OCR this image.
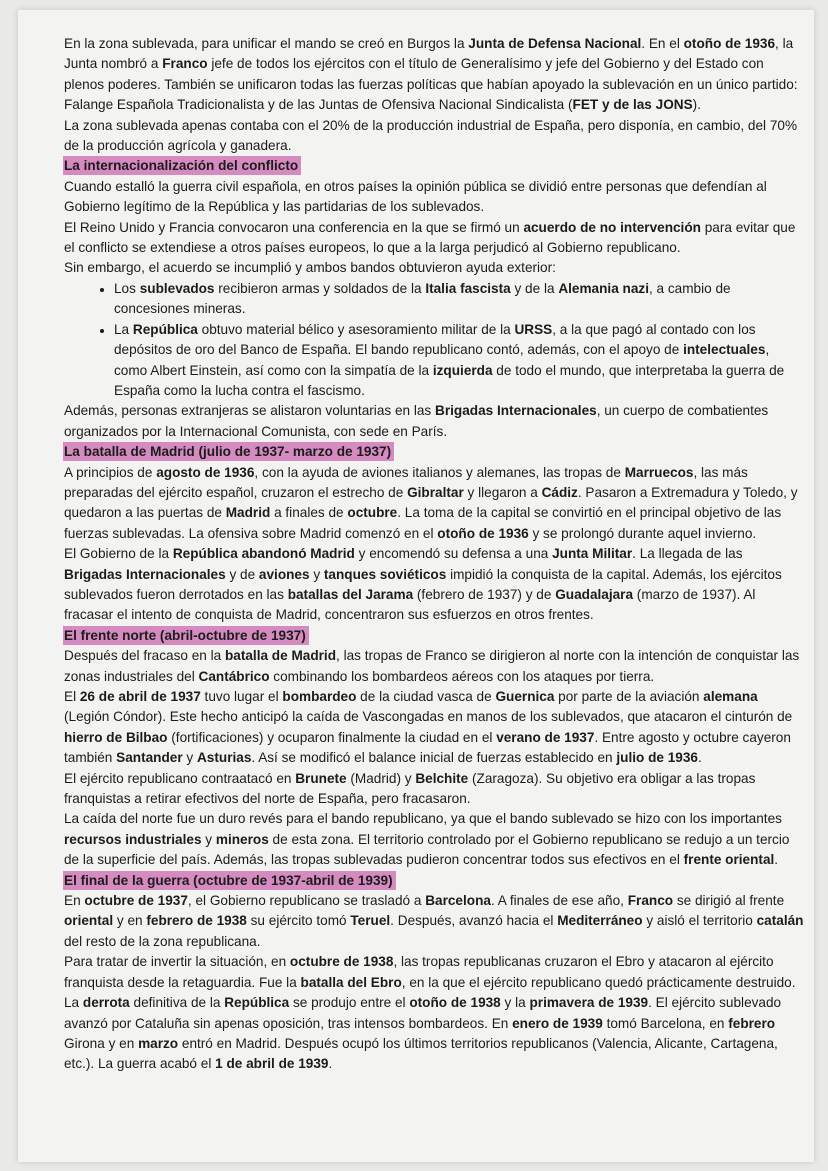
En la zona sublevada, para unificar el mando se creó en Burgos la Junta de Defensa Nacional. En el otoño de 1936, la Junta nombró a Franco jefe de todos los ejércitos con el título de Generalísimo y jefe del Gobierno y del Estado con plenos poderes. También se unificaron todas las fuerzas políticas que habían apoyado la sublevación en un único partido: Falange Española Tradicionalista y de las Juntas de Ofensiva Nacional Sindicalista (FET y de las JONS).

La zona sublevada apenas contaba con el 20% de la producción industrial de España, pero disponía, en cambio, del 70% de la producción agrícola y ganadera.

La internacionalización del conflicto

Cuando estalló la guerra civil española, en otros países la opinión pública se dividió entre personas que defendían al Gobierno legítimo de la República y las partidarias de los sublevados.

El Reino Unido y Francia convocaron una conferencia en la que se firmó un acuerdo de no intervención para evitar que el conflicto se extendiese a otros países europeos, lo que a la larga perjudicó al Gobierno republicano.

Sin embargo, el acuerdo se incumplió y ambos bandos obtuvieron ayuda exterior:

• Los sublevados recibieron armas y soldados de la Italia fascista y de la Alemania nazi, a cambio de concesiones mineras.
• La República obtuvo material bélico y asesoramiento militar de la URSS, a la que pagó al contado con los depósitos de oro del Banco de España. El bando republicano contó, además, con el apoyo de intelectuales, como Albert Einstein, así como con la simpatía de la izquierda de todo el mundo, que interpretaba la guerra de España como la lucha contra el fascismo.

Además, personas extranjeras se alistaron voluntarias en las Brigadas Internacionales, un cuerpo de combatientes organizados por la Internacional Comunista, con sede en París.

La batalla de Madrid (julio de 1937- marzo de 1937)

A principios de agosto de 1936, con la ayuda de aviones italianos y alemanes, las tropas de Marruecos, las más preparadas del ejército español, cruzaron el estrecho de Gibraltar y llegaron a Cádiz. Pasaron a Extremadura y Toledo, y quedaron a las puertas de Madrid a finales de octubre. La toma de la capital se convirtió en el principal objetivo de las fuerzas sublevadas. La ofensiva sobre Madrid comenzó en el otoño de 1936 y se prolongó durante aquel invierno.

El Gobierno de la República abandonó Madrid y encomendó su defensa a una Junta Militar. La llegada de las Brigadas Internacionales y de aviones y tanques soviéticos impidió la conquista de la capital. Además, los ejércitos sublevados fueron derrotados en las batallas del Jarama (febrero de 1937) y de Guadalajara (marzo de 1937). Al fracasar el intento de conquista de Madrid, concentraron sus esfuerzos en otros frentes.

El frente norte (abril-octubre de 1937)

Después del fracaso en la batalla de Madrid, las tropas de Franco se dirigieron al norte con la intención de conquistar las zonas industriales del Cantábrico combinando los bombardeos aéreos con los ataques por tierra.

El 26 de abril de 1937 tuvo lugar el bombardeo de la ciudad vasca de Guernica por parte de la aviación alemana (Legión Cóndor). Este hecho anticipó la caída de Vascongadas en manos de los sublevados, que atacaron el cinturón de hierro de Bilbao (fortificaciones) y ocuparon finalmente la ciudad en el verano de 1937. Entre agosto y octubre cayeron también Santander y Asturias. Así se modificó el balance inicial de fuerzas establecido en julio de 1936.

El ejército republicano contraatacó en Brunete (Madrid) y Belchite (Zaragoza). Su objetivo era obligar a las tropas franquistas a retirar efectivos del norte de España, pero fracasaron.

La caída del norte fue un duro revés para el bando republicano, ya que el bando sublevado se hizo con los importantes recursos industriales y mineros de esta zona. El territorio controlado por el Gobierno republicano se redujo a un tercio de la superficie del país. Además, las tropas sublevadas pudieron concentrar todos sus efectivos en el frente oriental.

El final de la guerra (octubre de 1937-abril de 1939)

En octubre de 1937, el Gobierno republicano se trasladó a Barcelona. A finales de ese año, Franco se dirigió al frente oriental y en febrero de 1938 su ejército tomó Teruel. Después, avanzó hacia el Mediterráneo y aisló el territorio catalán del resto de la zona republicana.

Para tratar de invertir la situación, en octubre de 1938, las tropas republicanas cruzaron el Ebro y atacaron al ejército franquista desde la retaguardia. Fue la batalla del Ebro, en la que el ejército republicano quedó prácticamente destruido.

La derrota definitiva de la República se produjo entre el otoño de 1938 y la primavera de 1939. El ejército sublevado avanzó por Cataluña sin apenas oposición, tras intensos bombardeos. En enero de 1939 tomó Barcelona, en febrero Girona y en marzo entró en Madrid. Después ocupó los últimos territorios republicanos (Valencia, Alicante, Cartagena, etc.). La guerra acabó el 1 de abril de 1939.
